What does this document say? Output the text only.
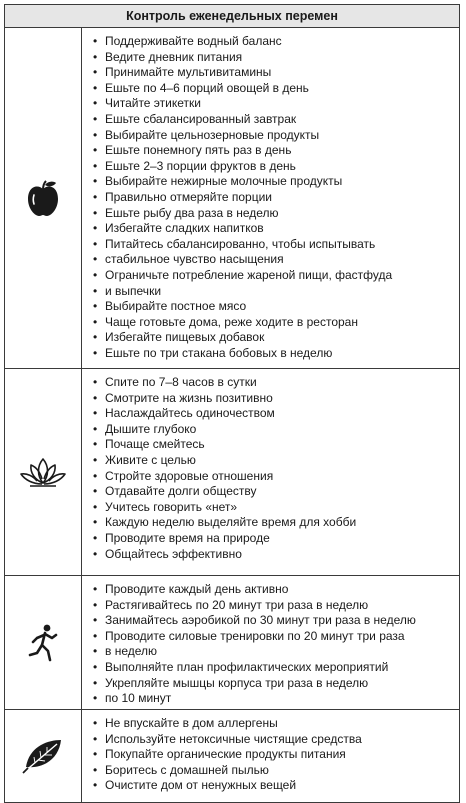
Контроль еженедельных перемен
• Поддерживайте водный баланс
• Ведите дневник питания
• Принимайте мультивитамины
• Ешьте по 4–6 порций овощей в день
• Читайте этикетки
• Ешьте сбалансированный завтрак
• Выбирайте цельнозерновые продукты
• Ешьте понемногу пять раз в день
• Ешьте 2–3 порции фруктов в день
• Выбирайте нежирные молочные продукты
• Правильно отмеряйте порции
• Ешьте рыбу два раза в неделю
• Избегайте сладких напитков
• Питайтесь сбалансированно, чтобы испытывать
• стабильное чувство насыщения
• Ограничьте потребление жареной пищи, фастфуда
• и выпечки
• Выбирайте постное мясо
• Чаще готовьте дома, реже ходите в ресторан
• Избегайте пищевых добавок
• Ешьте по три стакана бобовых в неделю
• Спите по 7–8 часов в сутки
• Смотрите на жизнь позитивно
• Наслаждайтесь одиночеством
• Дышите глубоко
• Почаще смейтесь
• Живите с целью
• Стройте здоровые отношения
• Отдавайте долги обществу
• Учитесь говорить «нет»
• Каждую неделю выделяйте время для хобби
• Проводите время на природе
• Общайтесь эффективно
• Проводите каждый день активно
• Растягивайтесь по 20 минут три раза в неделю
• Занимайтесь аэробикой по 30 минут три раза в неделю
• Проводите силовые тренировки по 20 минут три раза
• в неделю
• Выполняйте план профилактических мероприятий
• Укрепляйте мышцы корпуса три раза в неделю
• по 10 минут
• Не впускайте в дом аллергены
• Используйте нетоксичные чистящие средства
• Покупайте органические продукты питания
• Боритесь с домашней пылью
• Очистите дом от ненужных вещей
